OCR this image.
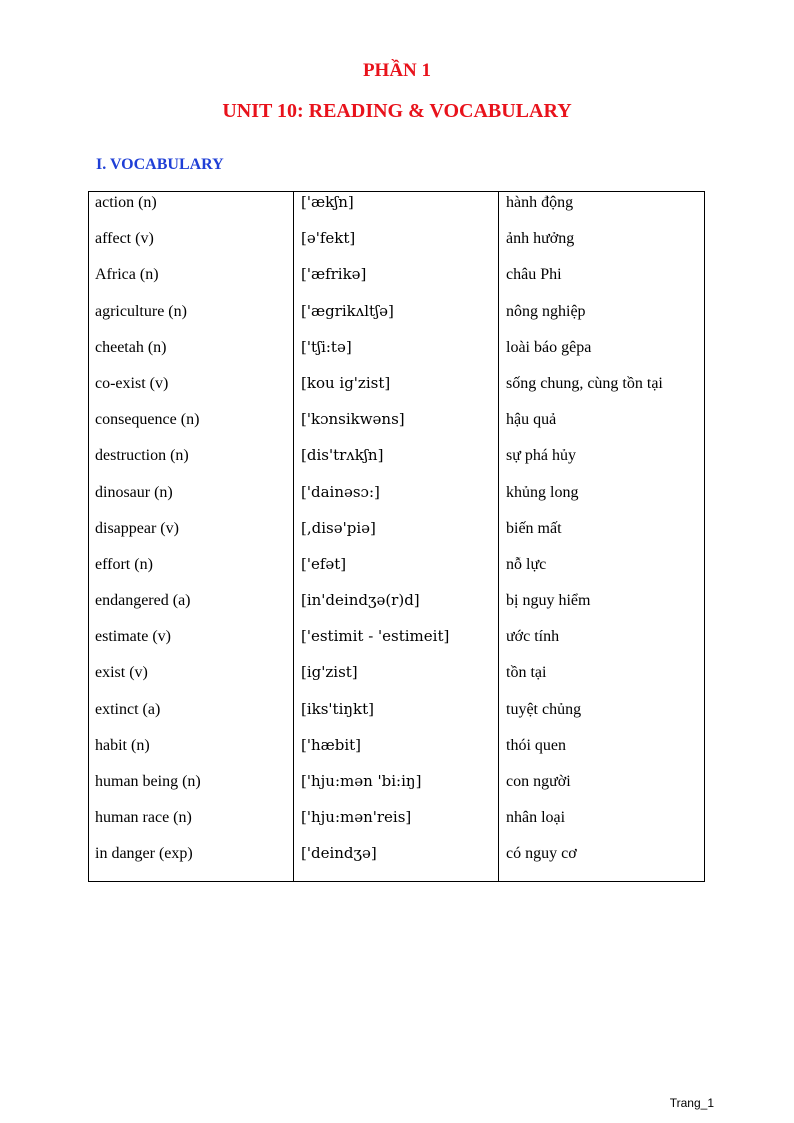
PHẦN 1
UNIT 10: READING & VOCABULARY
I. VOCABULARY
action (n)
affect (v)
Africa (n)
agriculture (n)
cheetah (n)
co-exist (v)
consequence (n)
destruction (n)
dinosaur (n)
disappear (v)
effort (n)
endangered (a)
estimate (v)
exist (v)
extinct (a)
habit (n)
human being (n)
human race (n)
in danger (exp)
['ækʃn]
[ə'fekt]
['æfrikə]
['ægrikʌltʃə]
['tʃi:tə]
[kou ig'zist]
['kɔnsikwəns]
[dis'trʌkʃn]
['dainəsɔ:]
[,disə'piə]
['efət]
[in'deindʒə(r)d]
['estimit - 'estimeit]
[ig'zist]
[iks'tiŋkt]
['hæbit]
['hju:mən 'bi:iŋ]
['hju:mən'reis]
['deindʒə]
hành động
ảnh hưởng
châu Phi
nông nghiệp
loài báo gêpa
sống chung, cùng tồn tại
hậu quả
sự phá hủy
khủng long
biến mất
nỗ lực
bị nguy hiểm
ước tính
tồn tại
tuyệt chủng
thói quen
con người
nhân loại
có nguy cơ
Trang_1
